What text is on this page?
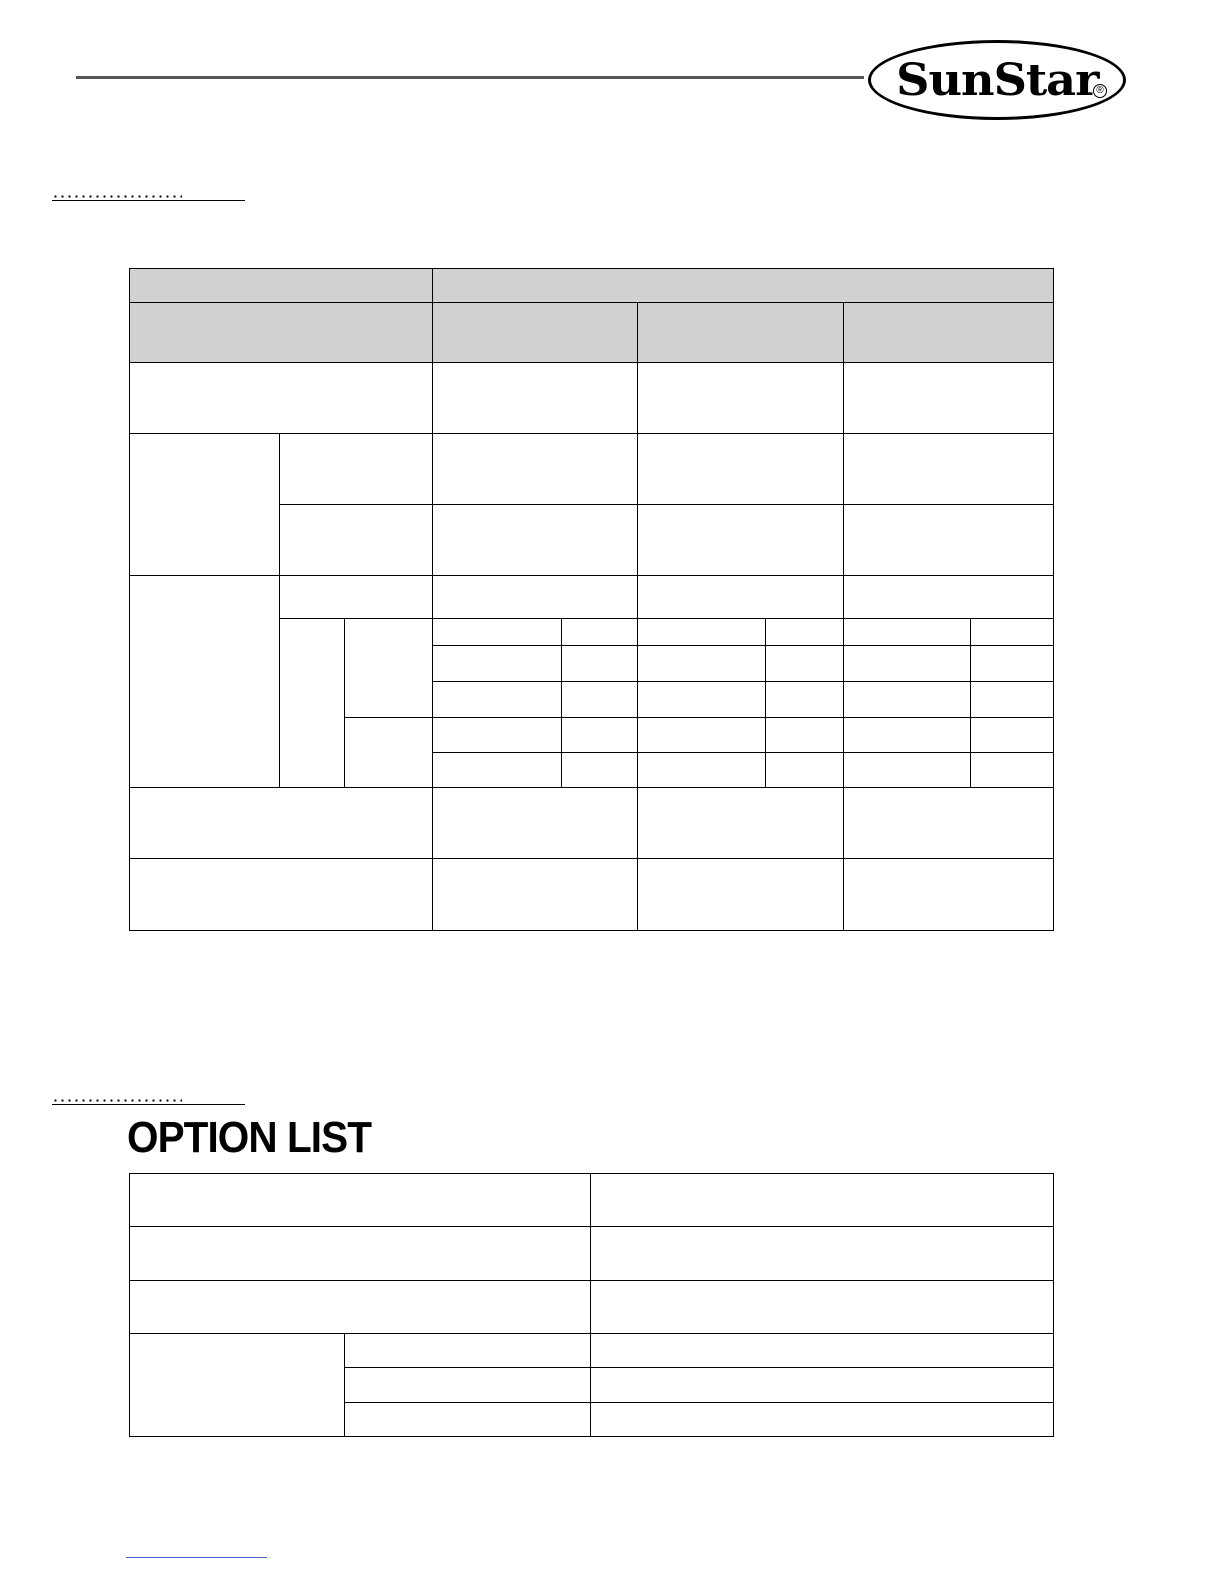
SunStar
®

OPTION LIST
